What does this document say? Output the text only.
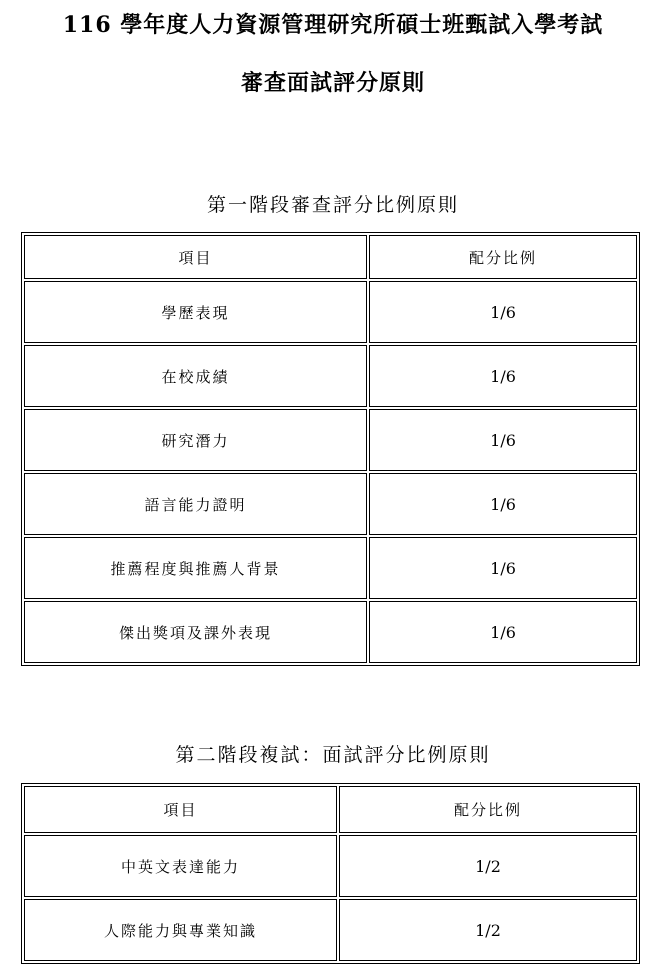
116 學年度人力資源管理研究所碩士班甄試入學考試
審查面試評分原則
第一階段審查評分比例原則
項目	配分比例
學歷表現	1/6
在校成績	1/6
研究潛力	1/6
語言能力證明	1/6
推薦程度與推薦人背景	1/6
傑出獎項及課外表現	1/6
第二階段複試：面試評分比例原則
項目	配分比例
中英文表達能力	1/2
人際能力與專業知識	1/2
